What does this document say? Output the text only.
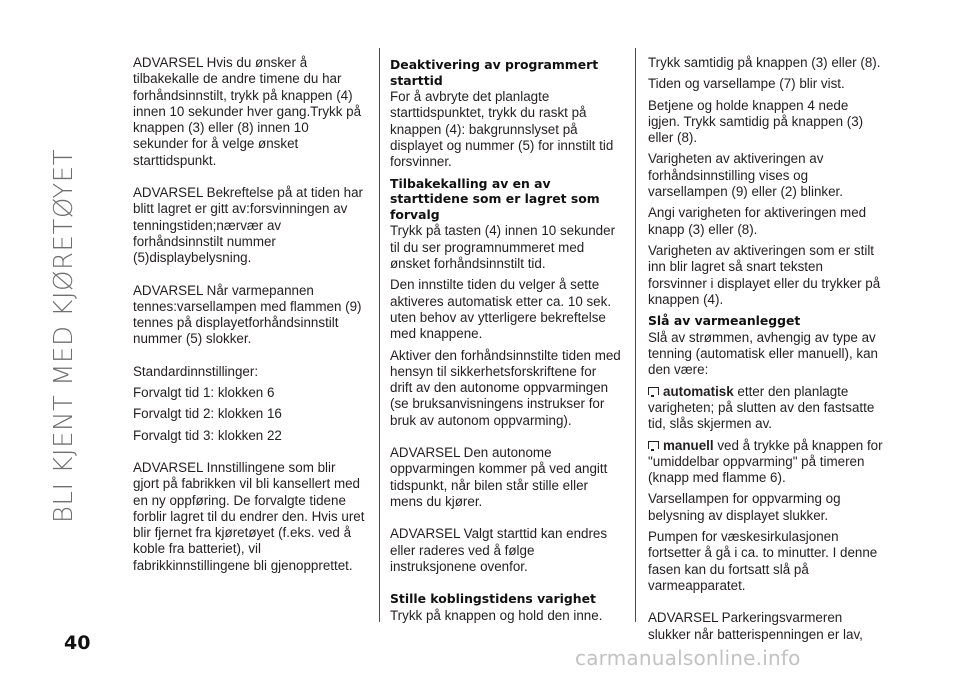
BLI KJENT MED KJØRETØYET

ADVARSEL Hvis du ønsker å tilbakekalle de andre timene du har forhåndsinnstilt, trykk på knappen (4) innen 10 sekunder hver gang.Trykk på knappen (3) eller (8) innen 10 sekunder for å velge ønsket starttidspunkt.

ADVARSEL Bekreftelse på at tiden har blitt lagret er gitt av:forsvinningen av tenningstiden;nærvær av forhåndsinnstilt nummer (5)displaybelysning.

ADVARSEL Når varmepannen tennes:varsellampen med flammen (9) tennes på displayetforhåndsinnstilt nummer (5) slokker.

Standardinnstillinger:

Forvalgt tid 1: klokken 6

Forvalgt tid 2: klokken 16

Forvalgt tid 3: klokken 22

ADVARSEL Innstillingene som blir gjort på fabrikken vil bli kansellert med en ny oppføring. De forvalgte tidene forblir lagret til du endrer den. Hvis uret blir fjernet fra kjøretøyet (f.eks. ved å koble fra batteriet), vil fabrikkinnstillingene bli gjenopprettet.

Deaktivering av programmert starttid

For å avbryte det planlagte starttidspunktet, trykk du raskt på knappen (4): bakgrunnslyset på displayet og nummer (5) for innstilt tid forsvinner.

Tilbakekalling av en av starttidene som er lagret som forvalg

Trykk på tasten (4) innen 10 sekunder til du ser programnummeret med ønsket forhåndsinnstilt tid.

Den innstilte tiden du velger å sette aktiveres automatisk etter ca. 10 sek. uten behov av ytterligere bekreftelse med knappene.

Aktiver den forhåndsinnstilte tiden med hensyn til sikkerhetsforskriftene for drift av den autonome oppvarmingen (se bruksanvisningens instrukser for bruk av autonom oppvarming).

ADVARSEL Den autonome oppvarmingen kommer på ved angitt tidspunkt, når bilen står stille eller mens du kjører.

ADVARSEL Valgt starttid kan endres eller raderes ved å følge instruksjonene ovenfor.

Stille koblingstidens varighet

Trykk på knappen og hold den inne.

Trykk samtidig på knappen (3) eller (8).

Tiden og varsellampe (7) blir vist.

Betjene og holde knappen 4 nede igjen. Trykk samtidig på knappen (3) eller (8).

Varigheten av aktiveringen av forhåndsinnstilling vises og varsellampen (9) eller (2) blinker.

Angi varigheten for aktiveringen med knapp (3) eller (8).

Varigheten av aktiveringen som er stilt inn blir lagret så snart teksten forsvinner i displayet eller du trykker på knappen (4).

Slå av varmeanlegget

Slå av strømmen, avhengig av type av tenning (automatisk eller manuell), kan den være:

automatisk etter den planlagte varigheten; på slutten av den fastsatte tid, slås skjermen av.

manuell ved å trykke på knappen for "umiddelbar oppvarming" på timeren (knapp med flamme 6).

Varsellampen for oppvarming og belysning av displayet slukker.

Pumpen for væskesirkulasjonen fortsetter å gå i ca. to minutter. I denne fasen kan du fortsatt slå på varmeapparatet.

ADVARSEL Parkeringsvarmeren slukker når batterispenningen er lav,

40
carmanualsonline.info
